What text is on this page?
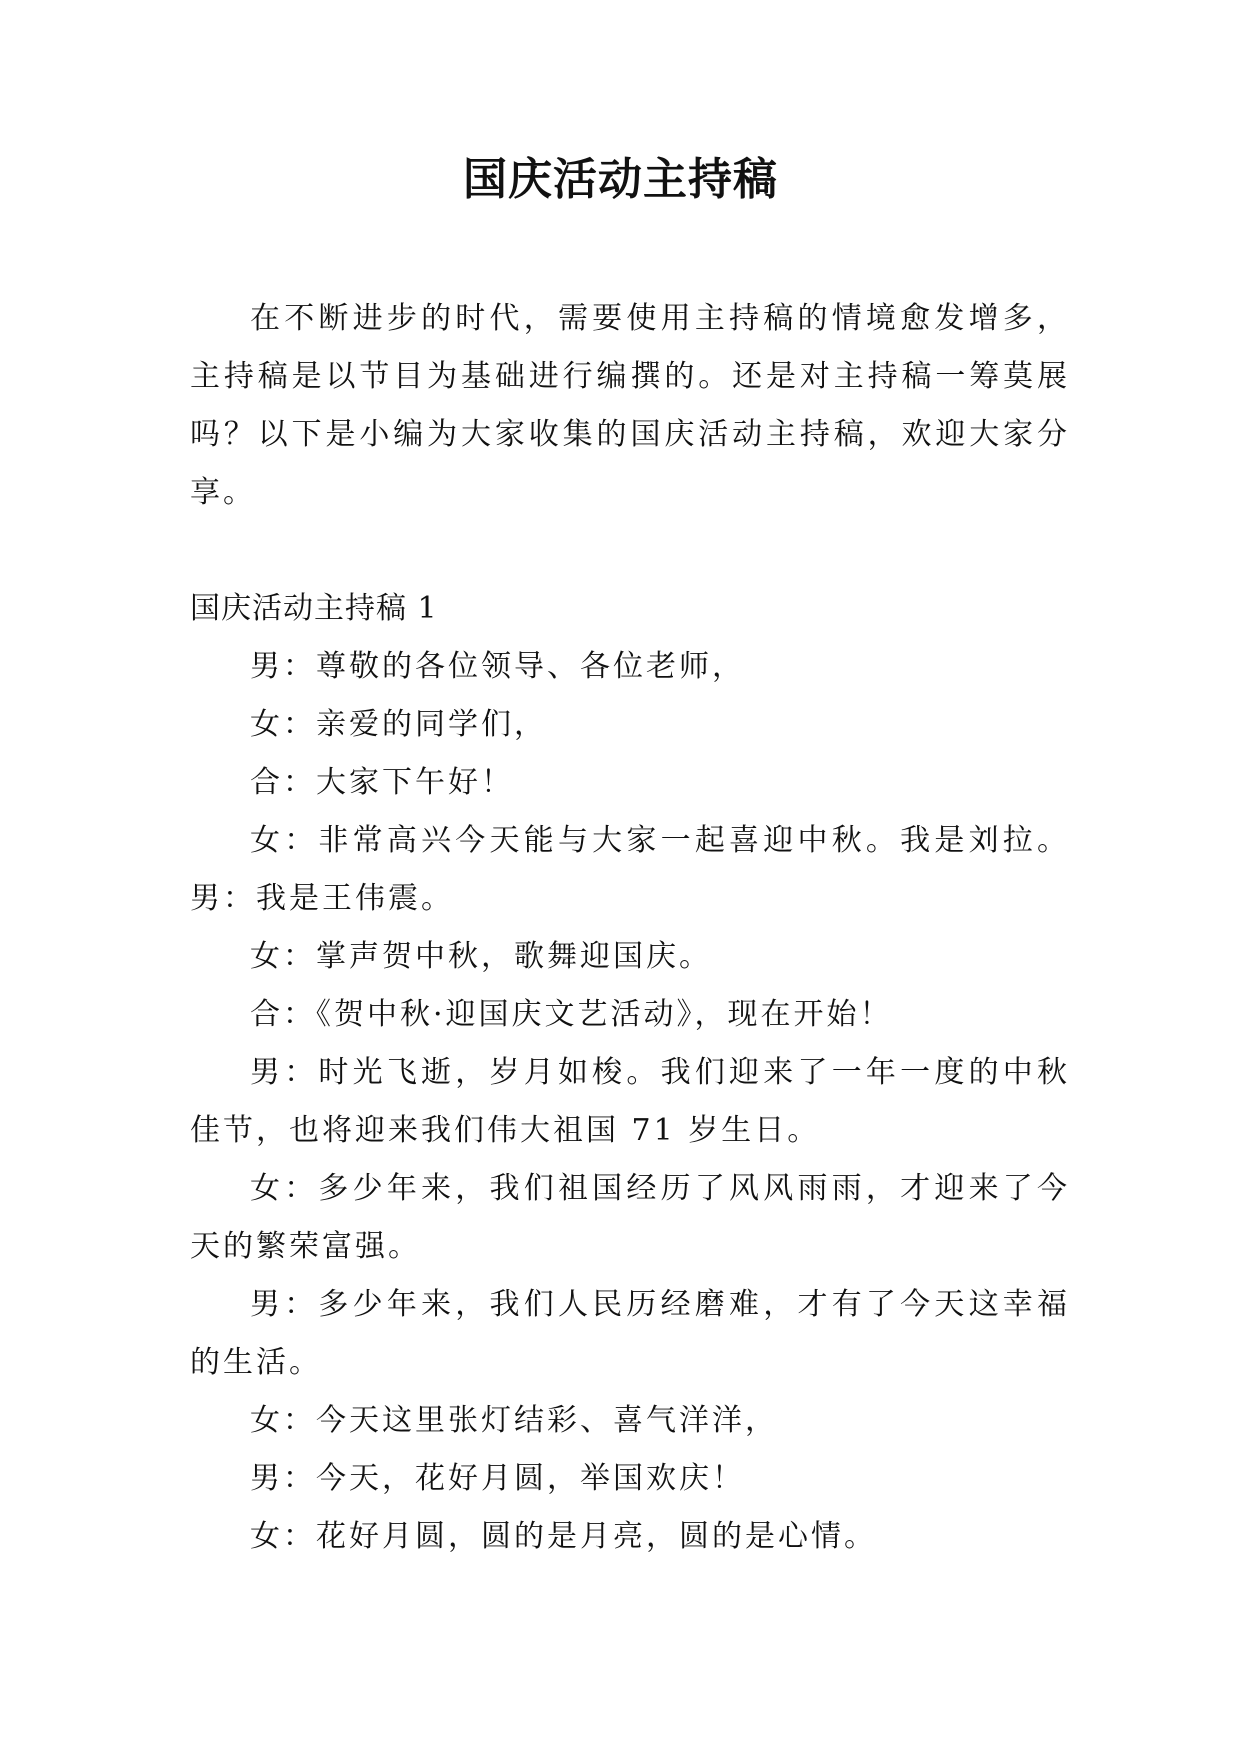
国庆活动主持稿

在不断进步的时代，需要使用主持稿的情境愈发增多，主持稿是以节目为基础进行编撰的。还是对主持稿一筹莫展吗？以下是小编为大家收集的国庆活动主持稿，欢迎大家分享。

国庆活动主持稿 1

男：尊敬的各位领导、各位老师，

女：亲爱的同学们，

合：大家下午好！

女：非常高兴今天能与大家一起喜迎中秋。我是刘拉。男：我是王伟震。

女：掌声贺中秋，歌舞迎国庆。

合：《贺中秋·迎国庆文艺活动》，现在开始！

男：时光飞逝，岁月如梭。我们迎来了一年一度的中秋佳节，也将迎来我们伟大祖国 71 岁生日。

女：多少年来，我们祖国经历了风风雨雨，才迎来了今天的繁荣富强。

男：多少年来，我们人民历经磨难，才有了今天这幸福的生活。

女：今天这里张灯结彩、喜气洋洋，

男：今天，花好月圆，举国欢庆！

女：花好月圆，圆的是月亮，圆的是心情。
